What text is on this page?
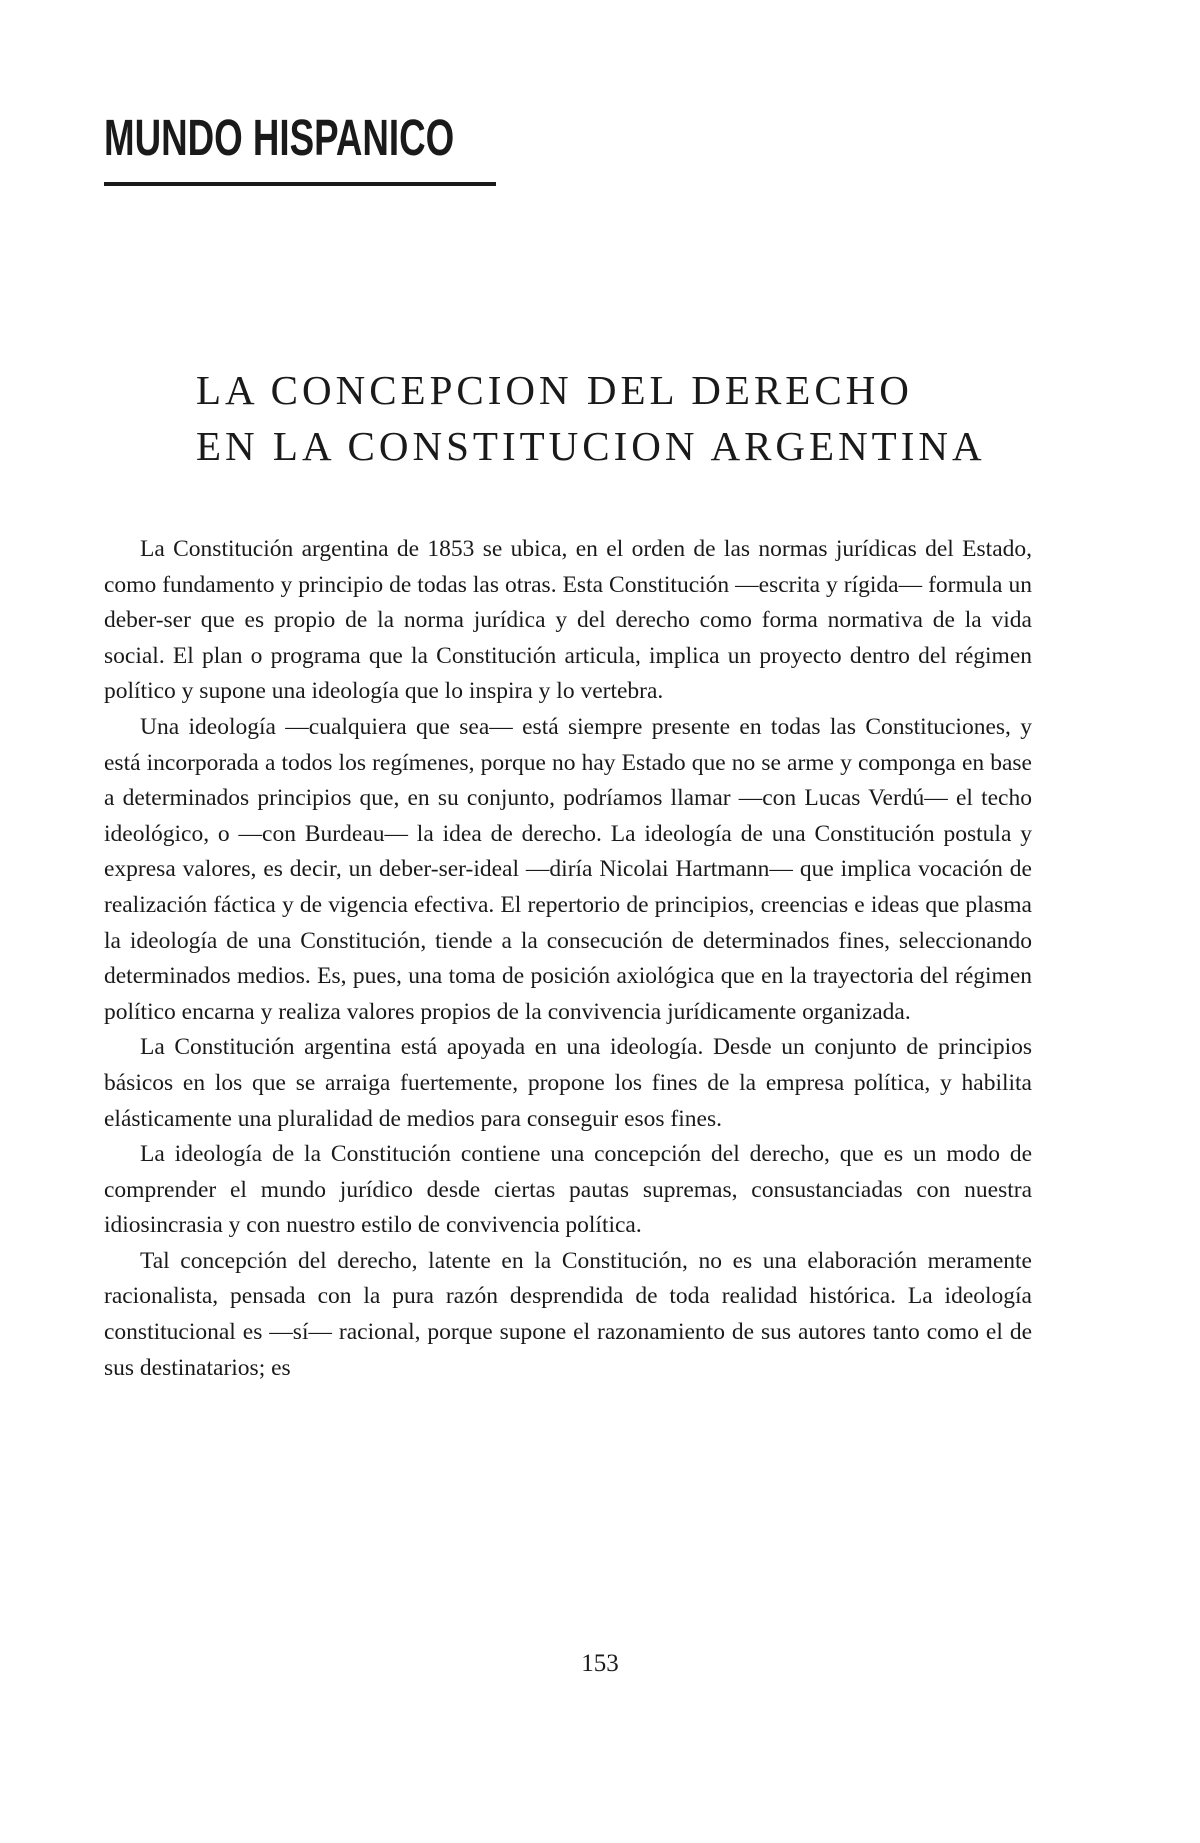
MUNDO HISPANICO
LA CONCEPCION DEL DERECHO
EN LA CONSTITUCION ARGENTINA

La Constitución argentina de 1853 se ubica, en el orden de las normas jurídicas del Estado, como fundamento y principio de todas las otras. Esta Constitución —escrita y rígida— formula un deber-ser que es propio de la norma jurídica y del derecho como forma normativa de la vida social. El plan o programa que la Constitución articula, implica un proyecto dentro del régimen político y supone una ideología que lo inspira y lo vertebra.

Una ideología —cualquiera que sea— está siempre presente en todas las Constituciones, y está incorporada a todos los regímenes, porque no hay Estado que no se arme y componga en base a determinados principios que, en su conjunto, podríamos llamar —con Lucas Verdú— el techo ideológico, o —con Burdeau— la idea de derecho. La ideología de una Constitución postula y expresa valores, es decir, un deber-ser-ideal —diría Nicolai Hartmann— que implica vocación de realización fáctica y de vigencia efectiva. El repertorio de principios, creencias e ideas que plasma la ideología de una Constitución, tiende a la consecución de determinados fines, seleccionando determinados medios. Es, pues, una toma de posición axiológica que en la trayectoria del régimen político encarna y realiza valores propios de la convivencia jurídicamente organizada.

La Constitución argentina está apoyada en una ideología. Desde un conjunto de principios básicos en los que se arraiga fuertemente, propone los fines de la empresa política, y habilita elásticamente una pluralidad de medios para conseguir esos fines.

La ideología de la Constitución contiene una concepción del derecho, que es un modo de comprender el mundo jurídico desde ciertas pautas supremas, consustanciadas con nuestra idiosincrasia y con nuestro estilo de convivencia política.

Tal concepción del derecho, latente en la Constitución, no es una elaboración meramente racionalista, pensada con la pura razón desprendida de toda realidad histórica. La ideología constitucional es —sí— racional, porque supone el razonamiento de sus autores tanto como el de sus destinatarios; es

153
